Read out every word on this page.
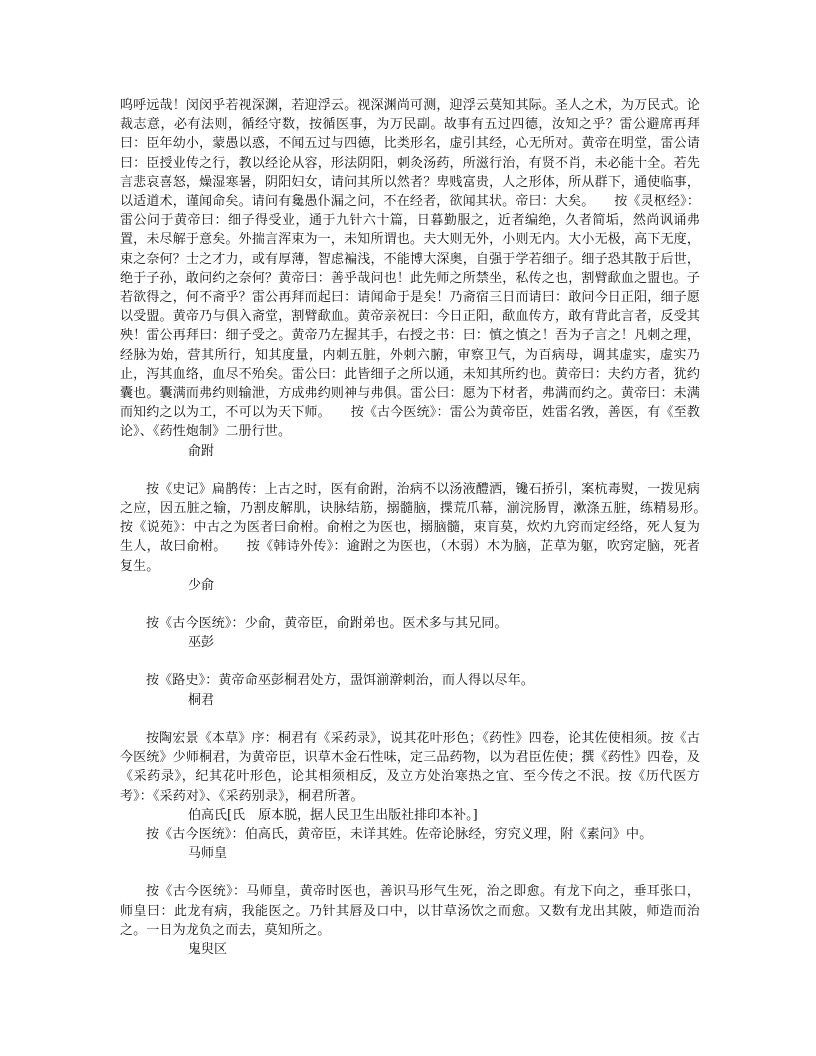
呜呼远哉！闵闵乎若视深渊，若迎浮云。视深渊尚可测，迎浮云莫知其际。圣人之术，为万民式。论裁志意，必有法则，循经守数，按循医事，为万民副。故事有五过四德，汝知之乎？雷公避席再拜曰：臣年幼小，蒙愚以惑，不闻五过与四德，比类形名，虚引其经，心无所对。黄帝在明堂，雷公请曰：臣授业传之行，教以经论从容，形法阴阳，刺灸汤药，所滋行治，有贤不肖，未必能十全。若先言悲哀喜怒，燥湿寒暑，阴阳妇女，请问其所以然者？卑贱富贵，人之形体，所从群下，通使临事，以适道术，谨闻命矣。请问有毚愚仆漏之问，不在经者，欲闻其状。帝曰：大矣。　　按《灵枢经》：雷公问于黄帝曰：细子得受业，通于九针六十篇，日暮勤服之，近者编绝，久者简垢，然尚讽诵弗置，未尽解于意矣。外揣言浑束为一，未知所谓也。夫大则无外，小则无内。大小无极，高下无度，束之奈何？士之才力，或有厚薄，智虑褊浅，不能博大深奥，自强于学若细子。细子恐其散于后世，绝于子孙，敢问约之奈何？黄帝曰：善乎哉问也！此先师之所禁坐，私传之也，割臂歃血之盟也。子若欲得之，何不斋乎？雷公再拜而起曰：请闻命于是矣！乃斋宿三日而请曰：敢问今日正阳，细子愿以受盟。黄帝乃与俱入斋堂，割臂歃血。黄帝亲祝曰：今日正阳，歃血传方，敢有背此言者，反受其殃！雷公再拜曰：细子受之。黄帝乃左握其手，右授之书：曰：慎之慎之！吾为子言之！凡刺之理，经脉为始，营其所行，知其度量，内刺五脏，外刺六腑，审察卫气，为百病母，调其虚实，虚实乃止，泻其血络，血尽不殆矣。雷公曰：此皆细子之所以通，未知其所约也。黄帝曰：夫约方者，犹约囊也。囊满而弗约则输泄，方成弗约则神与弗俱。雷公曰：愿为下材者，弗满而约之。黄帝曰：未满而知约之以为工，不可以为天下师。　　按《古今医统》：雷公为黄帝臣，姓雷名敩，善医，有《至教论》、《药性炮制》二册行世。

俞跗

按《史记》扁鹊传：上古之时，医有俞跗，治病不以汤液醴洒，镵石挢引，案杭毒熨，一拨见病之应，因五脏之输，乃割皮解肌，诀脉结筋，搦髓脑，揲荒爪幕，湔浣肠胃，漱涤五脏，练精易形。　　按《说苑》：中古之为医者曰俞柎。俞柎之为医也，搦脑髓，束肓莫，炊灼九窍而定经络，死人复为生人，故曰俞柎。　　按《韩诗外传》：逾跗之为医也，（木弱）木为脑，芷草为躯，吹窍定脑，死者复生。

少俞

按《古今医统》：少俞，黄帝臣，俞跗弟也。医术多与其兄同。

巫彭

按《路史》：黄帝命巫彭桐君处方，盄饵湔澣刺治，而人得以尽年。

桐君

按陶宏景《本草》序：桐君有《采药录》，说其花叶形色；《药性》四卷，论其佐使相须。按《古今医统》少师桐君，为黄帝臣，识草木金石性味，定三品药物，以为君臣佐使；撰《药性》四卷，及《采药录》，纪其花叶形色，论其相须相反，及立方处治寒热之宜、至今传之不泯。按《历代医方考》：《采药对》、《采药别录》，桐君所著。

伯高氏[氏　原本脱，据人民卫生出版社排印本补。]

按《古今医统》：伯高氏，黄帝臣，未详其姓。佐帝论脉经，穷究义理，附《素问》中。

马师皇

按《古今医统》：马师皇，黄帝时医也，善识马形气生死，治之即愈。有龙下向之，垂耳张口，师皇曰：此龙有病，我能医之。乃针其唇及口中，以甘草汤饮之而愈。又数有龙出其陂，师造而治之。一日为龙负之而去，莫知所之。

鬼臾区
